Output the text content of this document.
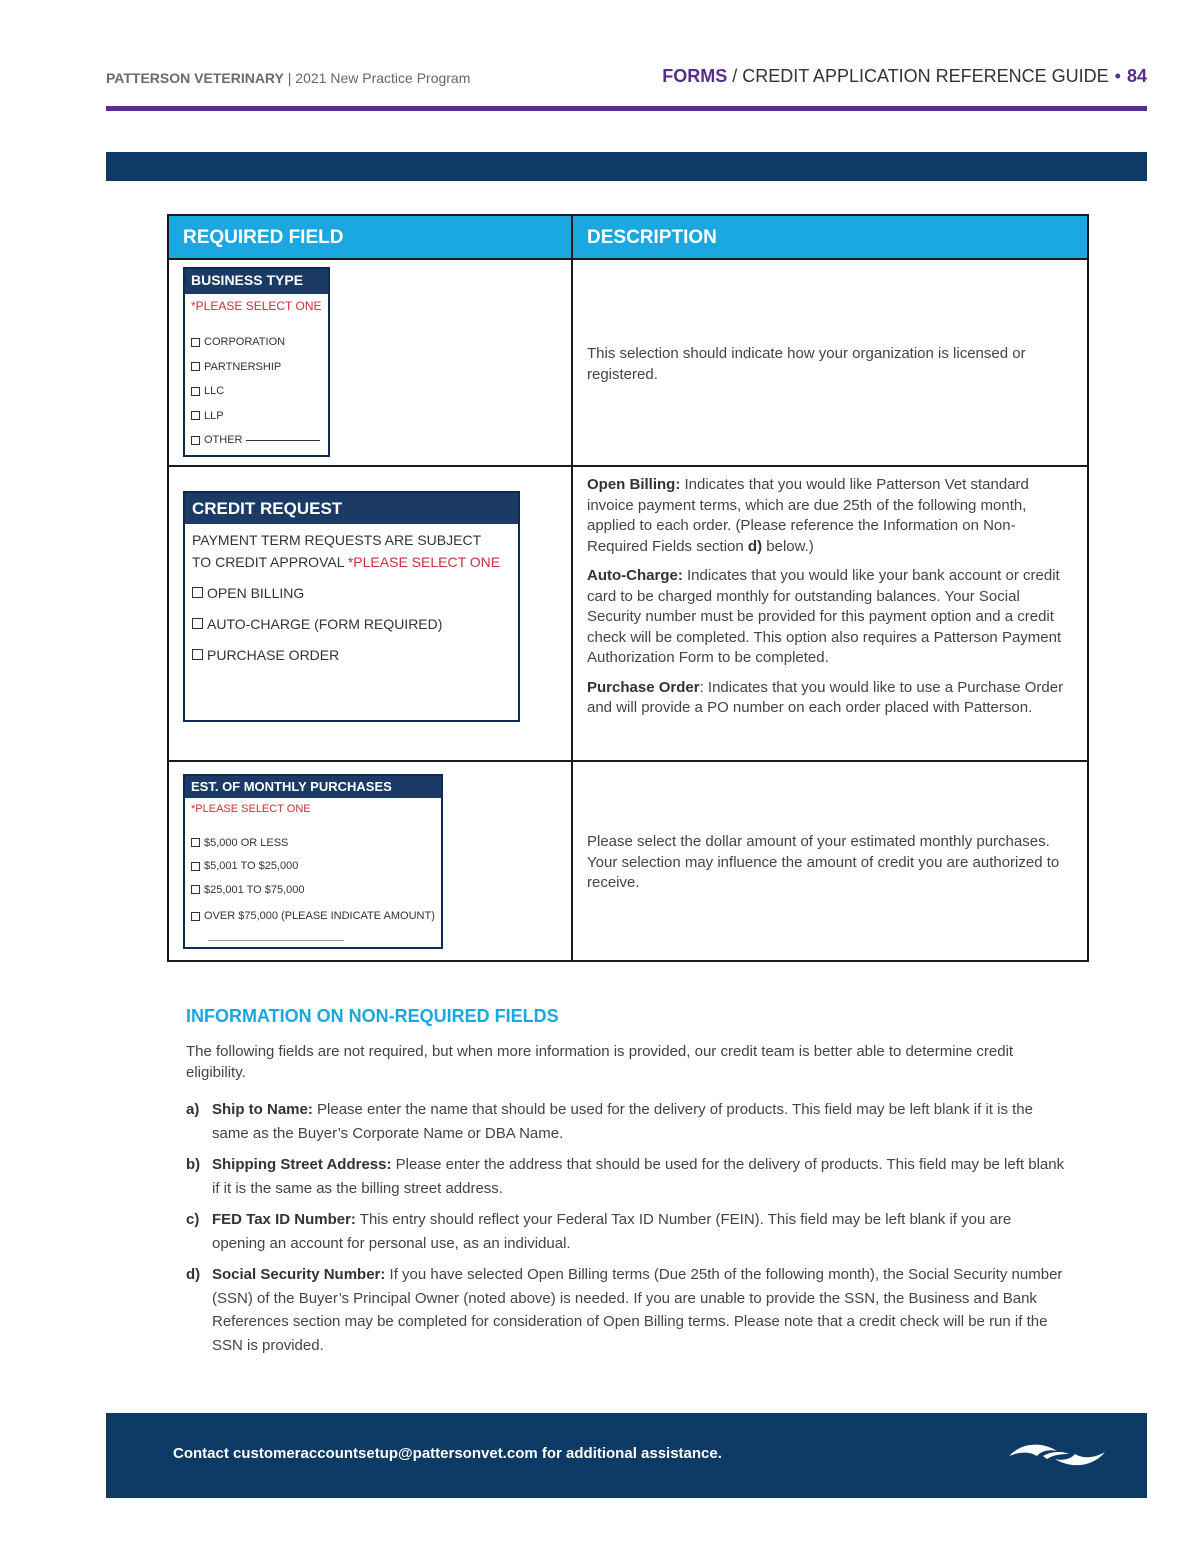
PATTERSON VETERINARY | 2021 New Practice Program	FORMS / CREDIT APPLICATION REFERENCE GUIDE • 84
REQUIRED FIELD	DESCRIPTION
BUSINESS TYPE
*PLEASE SELECT ONE
CORPORATION
PARTNERSHIP
LLC
LLP
OTHER
This selection should indicate how your organization is licensed or registered.
CREDIT REQUEST
PAYMENT TERM REQUESTS ARE SUBJECT
TO CREDIT APPROVAL *PLEASE SELECT ONE
OPEN BILLING
AUTO-CHARGE (FORM REQUIRED)
PURCHASE ORDER

Open Billing: Indicates that you would like Patterson Vet standard invoice payment terms, which are due 25th of the following month, applied to each order. (Please reference the Information on Non-Required Fields section d) below.)

Auto-Charge: Indicates that you would like your bank account or credit card to be charged monthly for outstanding balances. Your Social Security number must be provided for this payment option and a credit check will be completed. This option also requires a Patterson Payment Authorization Form to be completed.

Purchase Order: Indicates that you would like to use a Purchase Order and will provide a PO number on each order placed with Patterson.

EST. OF MONTHLY PURCHASES
*PLEASE SELECT ONE
$5,000 OR LESS
$5,001 TO $25,000
$25,001 TO $75,000
OVER $75,000 (PLEASE INDICATE AMOUNT)
Please select the dollar amount of your estimated monthly purchases. Your selection may influence the amount of credit you are authorized to receive.
INFORMATION ON NON-REQUIRED FIELDS
The following fields are not required, but when more information is provided, our credit team is better able to determine credit eligibility.
a) Ship to Name: Please enter the name that should be used for the delivery of products. This field may be left blank if it is the same as the Buyer’s Corporate Name or DBA Name.
b) Shipping Street Address: Please enter the address that should be used for the delivery of products. This field may be left blank if it is the same as the billing street address.
c) FED Tax ID Number: This entry should reflect your Federal Tax ID Number (FEIN). This field may be left blank if you are opening an account for personal use, as an individual.
d) Social Security Number: If you have selected Open Billing terms (Due 25th of the following month), the Social Security number (SSN) of the Buyer’s Principal Owner (noted above) is needed. If you are unable to provide the SSN, the Business and Bank References section may be completed for consideration of Open Billing terms. Please note that a credit check will be run if the SSN is provided.
Contact customeraccountsetup@pattersonvet.com for additional assistance.
